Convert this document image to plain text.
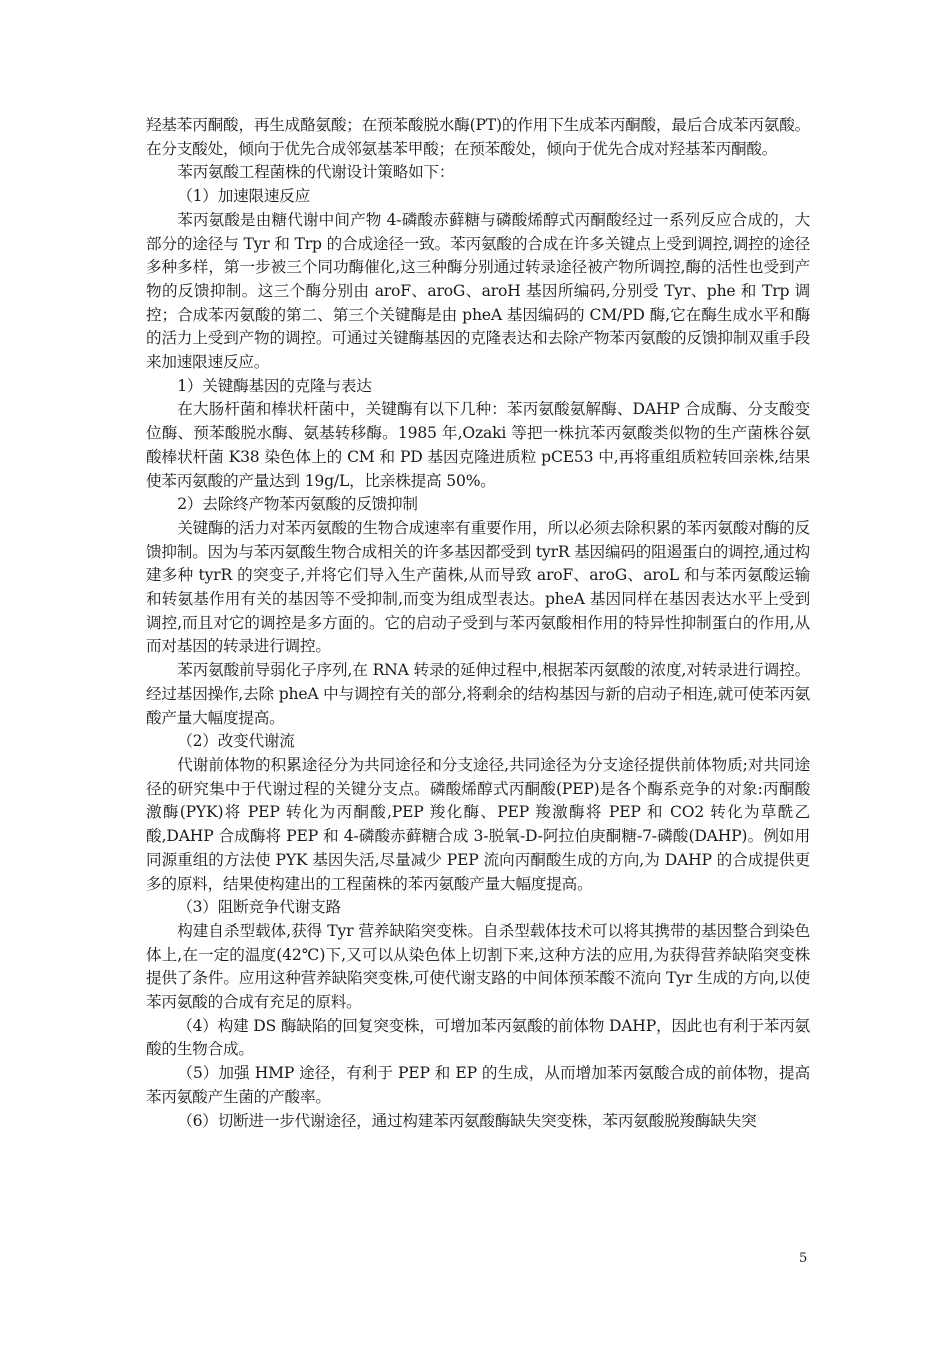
羟基苯丙酮酸，再生成酪氨酸；在预苯酸脱水酶(PT)的作用下生成苯丙酮酸，最后合成苯丙氨酸。在分支酸处，倾向于优先合成邻氨基苯甲酸；在预苯酸处，倾向于优先合成对羟基苯丙酮酸。

苯丙氨酸工程菌株的代谢设计策略如下：

（1）加速限速反应

苯丙氨酸是由糖代谢中间产物 4-磷酸赤藓糖与磷酸烯醇式丙酮酸经过一系列反应合成的，大部分的途径与 Tyr 和 Trp 的合成途径一致。苯丙氨酸的合成在许多关键点上受到调控,调控的途径多种多样，第一步被三个同功酶催化,这三种酶分别通过转录途径被产物所调控,酶的活性也受到产物的反馈抑制。这三个酶分别由 aroF、aroG、aroH 基因所编码,分别受 Tyr、phe 和 Trp 调控；合成苯丙氨酸的第二、第三个关键酶是由 pheA 基因编码的 CM/PD 酶,它在酶生成水平和酶的活力上受到产物的调控。可通过关键酶基因的克隆表达和去除产物苯丙氨酸的反馈抑制双重手段来加速限速反应。

1）关键酶基因的克隆与表达

在大肠杆菌和棒状杆菌中，关键酶有以下几种：苯丙氨酸氨解酶、DAHP 合成酶、分支酸变位酶、预苯酸脱水酶、氨基转移酶。1985 年,Ozaki 等把一株抗苯丙氨酸类似物的生产菌株谷氨酸棒状杆菌 K38 染色体上的 CM 和 PD 基因克隆进质粒 pCE53 中,再将重组质粒转回亲株,结果使苯丙氨酸的产量达到 19g/L，比亲株提高 50%。

2）去除终产物苯丙氨酸的反馈抑制

关键酶的活力对苯丙氨酸的生物合成速率有重要作用，所以必须去除积累的苯丙氨酸对酶的反馈抑制。因为与苯丙氨酸生物合成相关的许多基因都受到 tyrR 基因编码的阻遏蛋白的调控,通过构建多种 tyrR 的突变子,并将它们导入生产菌株,从而导致 aroF、aroG、aroL 和与苯丙氨酸运输和转氨基作用有关的基因等不受抑制,而变为组成型表达。pheA 基因同样在基因表达水平上受到调控,而且对它的调控是多方面的。它的启动子受到与苯丙氨酸相作用的特异性抑制蛋白的作用,从而对基因的转录进行调控。

苯丙氨酸前导弱化子序列,在 RNA 转录的延伸过程中,根据苯丙氨酸的浓度,对转录进行调控。经过基因操作,去除 pheA 中与调控有关的部分,将剩余的结构基因与新的启动子相连,就可使苯丙氨酸产量大幅度提高。

（2）改变代谢流

代谢前体物的积累途径分为共同途径和分支途径,共同途径为分支途径提供前体物质;对共同途径的研究集中于代谢过程的关键分支点。磷酸烯醇式丙酮酸(PEP)是各个酶系竞争的对象:丙酮酸激酶(PYK)将 PEP 转化为丙酮酸,PEP 羧化酶、PEP 羧激酶将 PEP 和 CO2 转化为草酰乙酸,DAHP 合成酶将 PEP 和 4-磷酸赤藓糖合成 3-脱氧-D-阿拉伯庚酮糖-7-磷酸(DAHP)。例如用同源重组的方法使 PYK 基因失活,尽量减少 PEP 流向丙酮酸生成的方向,为 DAHP 的合成提供更多的原料，结果使构建出的工程菌株的苯丙氨酸产量大幅度提高。

（3）阻断竞争代谢支路

构建自杀型载体,获得 Tyr 营养缺陷突变株。自杀型载体技术可以将其携带的基因整合到染色体上,在一定的温度(42℃)下,又可以从染色体上切割下来,这种方法的应用,为获得营养缺陷突变株提供了条件。应用这种营养缺陷突变株,可使代谢支路的中间体预苯酸不流向 Tyr 生成的方向,以使苯丙氨酸的合成有充足的原料。

（4）构建 DS 酶缺陷的回复突变株，可增加苯丙氨酸的前体物 DAHP，因此也有利于苯丙氨酸的生物合成。

（5）加强 HMP 途径，有利于 PEP 和 EP 的生成，从而增加苯丙氨酸合成的前体物，提高苯丙氨酸产生菌的产酸率。

（6）切断进一步代谢途径，通过构建苯丙氨酸酶缺失突变株，苯丙氨酸脱羧酶缺失突

5
